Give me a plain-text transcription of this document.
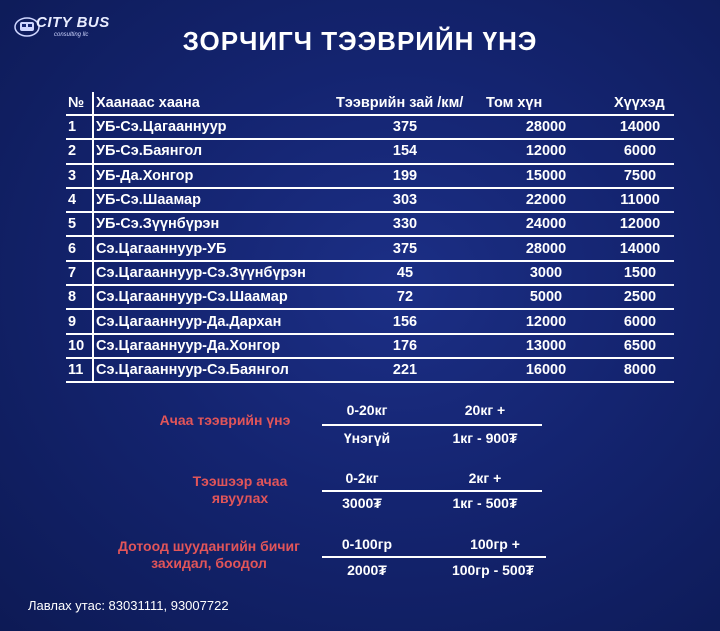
CITY BUS
consulting llc	ЗОРЧИГЧ ТЭЭВРИЙН ҮНЭ
№	Хаанаас хаана	Тээврийн зай /км/	Том хүн	Хүүхэд
1	УБ-Сэ.Цагааннуур	375	28000	14000
2	УБ-Сэ.Баянгол	154	12000	6000
3	УБ-Да.Хонгор	199	15000	7500
4	УБ-Сэ.Шаамар	303	22000	11000
5	УБ-Сэ.Зүүнбүрэн	330	24000	12000
6	Сэ.Цагааннуур-УБ	375	28000	14000
7	Сэ.Цагааннуур-Сэ.Зүүнбүрэн	45	3000	1500
8	Сэ.Цагааннуур-Сэ.Шаамар	72	5000	2500
9	Сэ.Цагааннуур-Да.Дархан	156	12000	6000
10	Сэ.Цагааннуур-Да.Хонгор	176	13000	6500
11	Сэ.Цагааннуур-Сэ.Баянгол	221	16000	8000
Ачаа тээврийн үнэ
0-20кг	20кг +
Үнэгүй	1кг - 900₮
Тээшээр ачаа
явуулах
0-2кг	2кг +
3000₮	1кг - 500₮
Дотоод шуудангийн бичиг
захидал, боодол
0-100гр	100гр +
2000₮	100гр - 500₮
Лавлах утас: 83031111, 93007722
